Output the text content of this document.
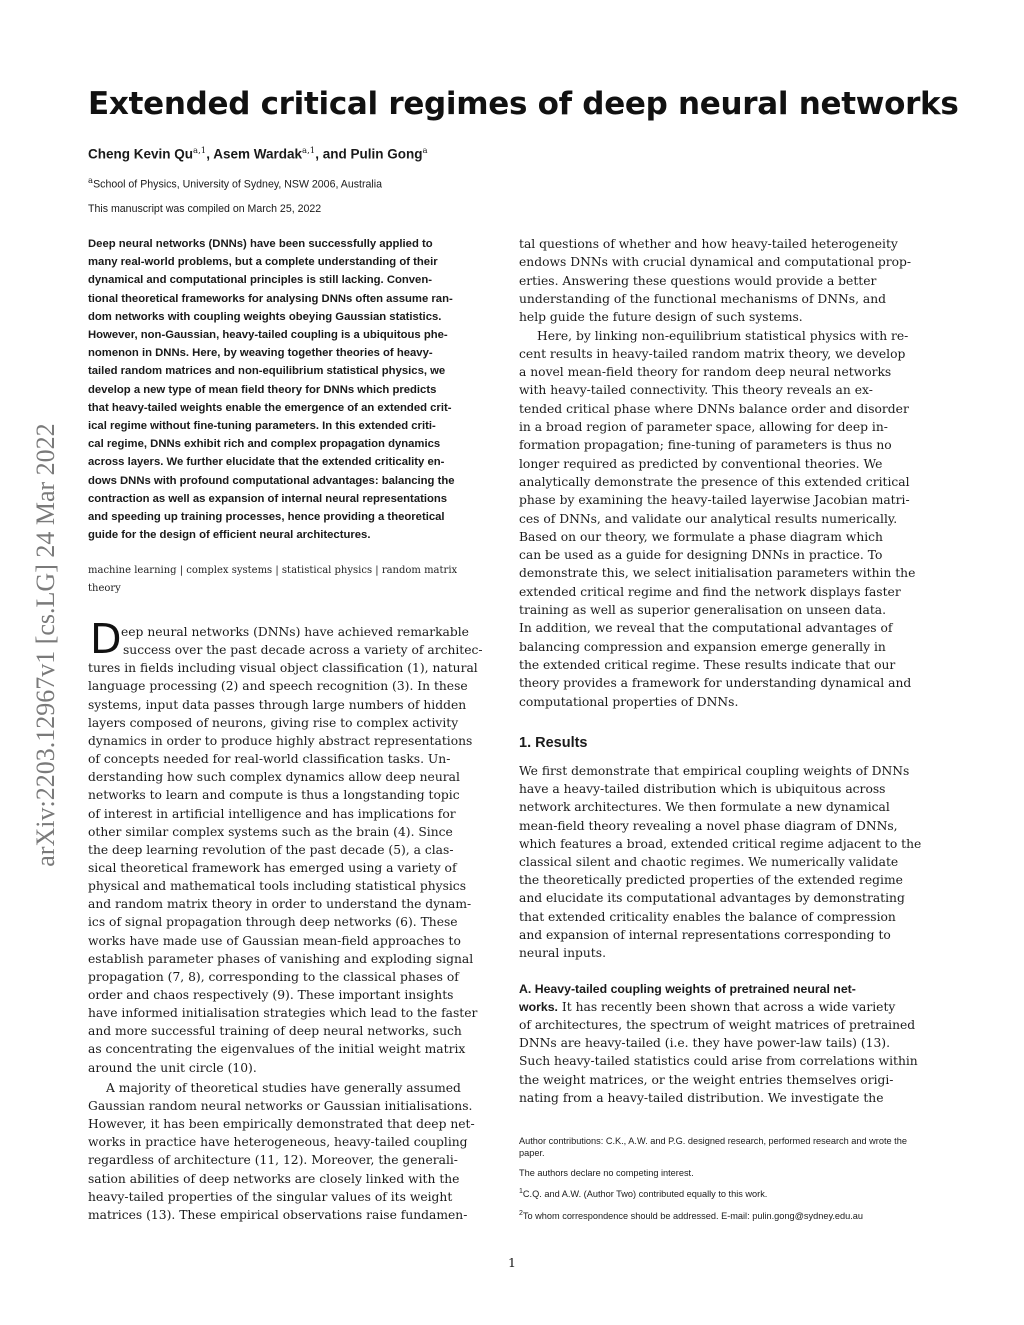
arXiv:2203.12967v1 [cs.LG] 24 Mar 2022
Extended critical regimes of deep neural networks
Cheng Kevin Qu$^{a,1}$, Asem Wardak$^{a,1}$, and Pulin Gong$^a$
$^a$School of Physics, University of Sydney, NSW 2006, Australia
This manuscript was compiled on March 25, 2022
Deep neural networks (DNNs) have been successfully applied to
many real-world problems, but a complete understanding of their
dynamical and computational principles is still lacking. Conven-
tional theoretical frameworks for analysing DNNs often assume ran-
dom networks with coupling weights obeying Gaussian statistics.
However, non-Gaussian, heavy-tailed coupling is a ubiquitous phe-
nomenon in DNNs. Here, by weaving together theories of heavy-
tailed random matrices and non-equilibrium statistical physics, we
develop a new type of mean field theory for DNNs which predicts
that heavy-tailed weights enable the emergence of an extended crit-
ical regime without fine-tuning parameters. In this extended criti-
cal regime, DNNs exhibit rich and complex propagation dynamics
across layers. We further elucidate that the extended criticality en-
dows DNNs with profound computational advantages: balancing the
contraction as well as expansion of internal neural representations
and speeding up training processes, hence providing a theoretical
guide for the design of efficient neural architectures.
machine learning | complex systems | statistical physics | random matrix
theory
D eep neural networks (DNNs) have achieved remarkable
success over the past decade across a variety of architec-
tures in fields including visual object classification (1), natural
language processing (2) and speech recognition (3). In these
systems, input data passes through large numbers of hidden
layers composed of neurons, giving rise to complex activity
dynamics in order to produce highly abstract representations
of concepts needed for real-world classification tasks. Un-
derstanding how such complex dynamics allow deep neural
networks to learn and compute is thus a longstanding topic
of interest in artificial intelligence and has implications for
other similar complex systems such as the brain (4). Since
the deep learning revolution of the past decade (5), a clas-
sical theoretical framework has emerged using a variety of
physical and mathematical tools including statistical physics
and random matrix theory in order to understand the dynam-
ics of signal propagation through deep networks (6). These
works have made use of Gaussian mean-field approaches to
establish parameter phases of vanishing and exploding signal
propagation (7, 8), corresponding to the classical phases of
order and chaos respectively (9). These important insights
have informed initialisation strategies which lead to the faster
and more successful training of deep neural networks, such
as concentrating the eigenvalues of the initial weight matrix
around the unit circle (10).
A majority of theoretical studies have generally assumed
Gaussian random neural networks or Gaussian initialisations.
However, it has been empirically demonstrated that deep net-
works in practice have heterogeneous, heavy-tailed coupling
regardless of architecture (11, 12). Moreover, the generali-
sation abilities of deep networks are closely linked with the
heavy-tailed properties of the singular values of its weight
matrices (13). These empirical observations raise fundamen-
tal questions of whether and how heavy-tailed heterogeneity
endows DNNs with crucial dynamical and computational prop-
erties. Answering these questions would provide a better
understanding of the functional mechanisms of DNNs, and
help guide the future design of such systems.
Here, by linking non-equilibrium statistical physics with re-
cent results in heavy-tailed random matrix theory, we develop
a novel mean-field theory for random deep neural networks
with heavy-tailed connectivity. This theory reveals an ex-
tended critical phase where DNNs balance order and disorder
in a broad region of parameter space, allowing for deep in-
formation propagation; fine-tuning of parameters is thus no
longer required as predicted by conventional theories. We
analytically demonstrate the presence of this extended critical
phase by examining the heavy-tailed layerwise Jacobian matri-
ces of DNNs, and validate our analytical results numerically.
Based on our theory, we formulate a phase diagram which
can be used as a guide for designing DNNs in practice. To
demonstrate this, we select initialisation parameters within the
extended critical regime and find the network displays faster
training as well as superior generalisation on unseen data.
In addition, we reveal that the computational advantages of
balancing compression and expansion emerge generally in
the extended critical regime. These results indicate that our
theory provides a framework for understanding dynamical and
computational properties of DNNs.
1. Results
We first demonstrate that empirical coupling weights of DNNs
have a heavy-tailed distribution which is ubiquitous across
network architectures. We then formulate a new dynamical
mean-field theory revealing a novel phase diagram of DNNs,
which features a broad, extended critical regime adjacent to the
classical silent and chaotic regimes. We numerically validate
the theoretically predicted properties of the extended regime
and elucidate its computational advantages by demonstrating
that extended criticality enables the balance of compression
and expansion of internal representations corresponding to
neural inputs.
A. Heavy-tailed coupling weights of pretrained neural net-
works. It has recently been shown that across a wide variety
of architectures, the spectrum of weight matrices of pretrained
DNNs are heavy-tailed (i.e. they have power-law tails) (13).
Such heavy-tailed statistics could arise from correlations within
the weight matrices, or the weight entries themselves origi-
nating from a heavy-tailed distribution. We investigate the
Author contributions: C.K., A.W. and P.G. designed research, performed research and wrote the
paper.
The authors declare no competing interest.
$^1$C.Q. and A.W. (Author Two) contributed equally to this work.
$^2$To whom correspondence should be addressed. E-mail: pulin.gong@sydney.edu.au
1
